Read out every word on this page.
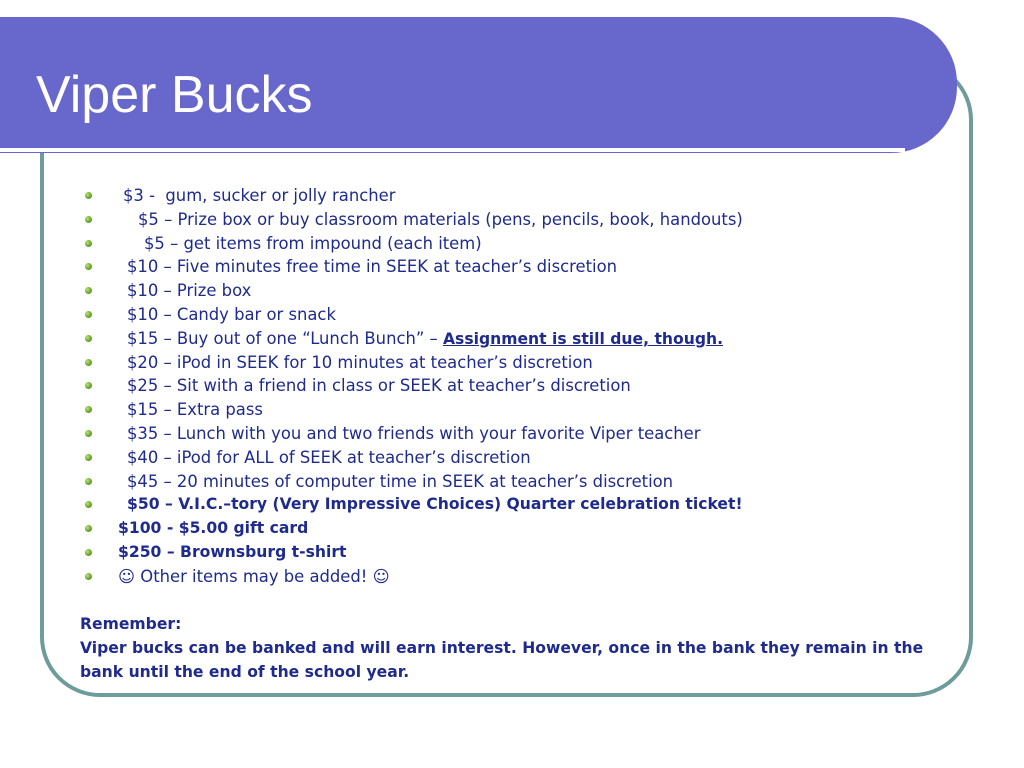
Viper Bucks

$3 -  gum, sucker or jolly rancher

$5 – Prize box or buy classroom materials (pens, pencils, book, handouts)

$5 – get items from impound (each item)

$10 – Five minutes free time in SEEK at teacher’s discretion

$10 – Prize box

$10 – Candy bar or snack

$15 – Buy out of one “Lunch Bunch” – Assignment is still due, though.

$20 – iPod in SEEK for 10 minutes at teacher’s discretion

$25 – Sit with a friend in class or SEEK at teacher’s discretion

$15 – Extra pass

$35 – Lunch with you and two friends with your favorite Viper teacher

$40 – iPod for ALL of SEEK at teacher’s discretion

$45 – 20 minutes of computer time in SEEK at teacher’s discretion

$50 – V.I.C.–tory (Very Impressive Choices) Quarter celebration ticket!

$100 - $5.00 gift card

$250 – Brownsburg t-shirt

☺ Other items may be added! ☺

Remember:

Viper bucks can be banked and will earn interest. However, once in the bank they remain in the bank until the end of the school year.
